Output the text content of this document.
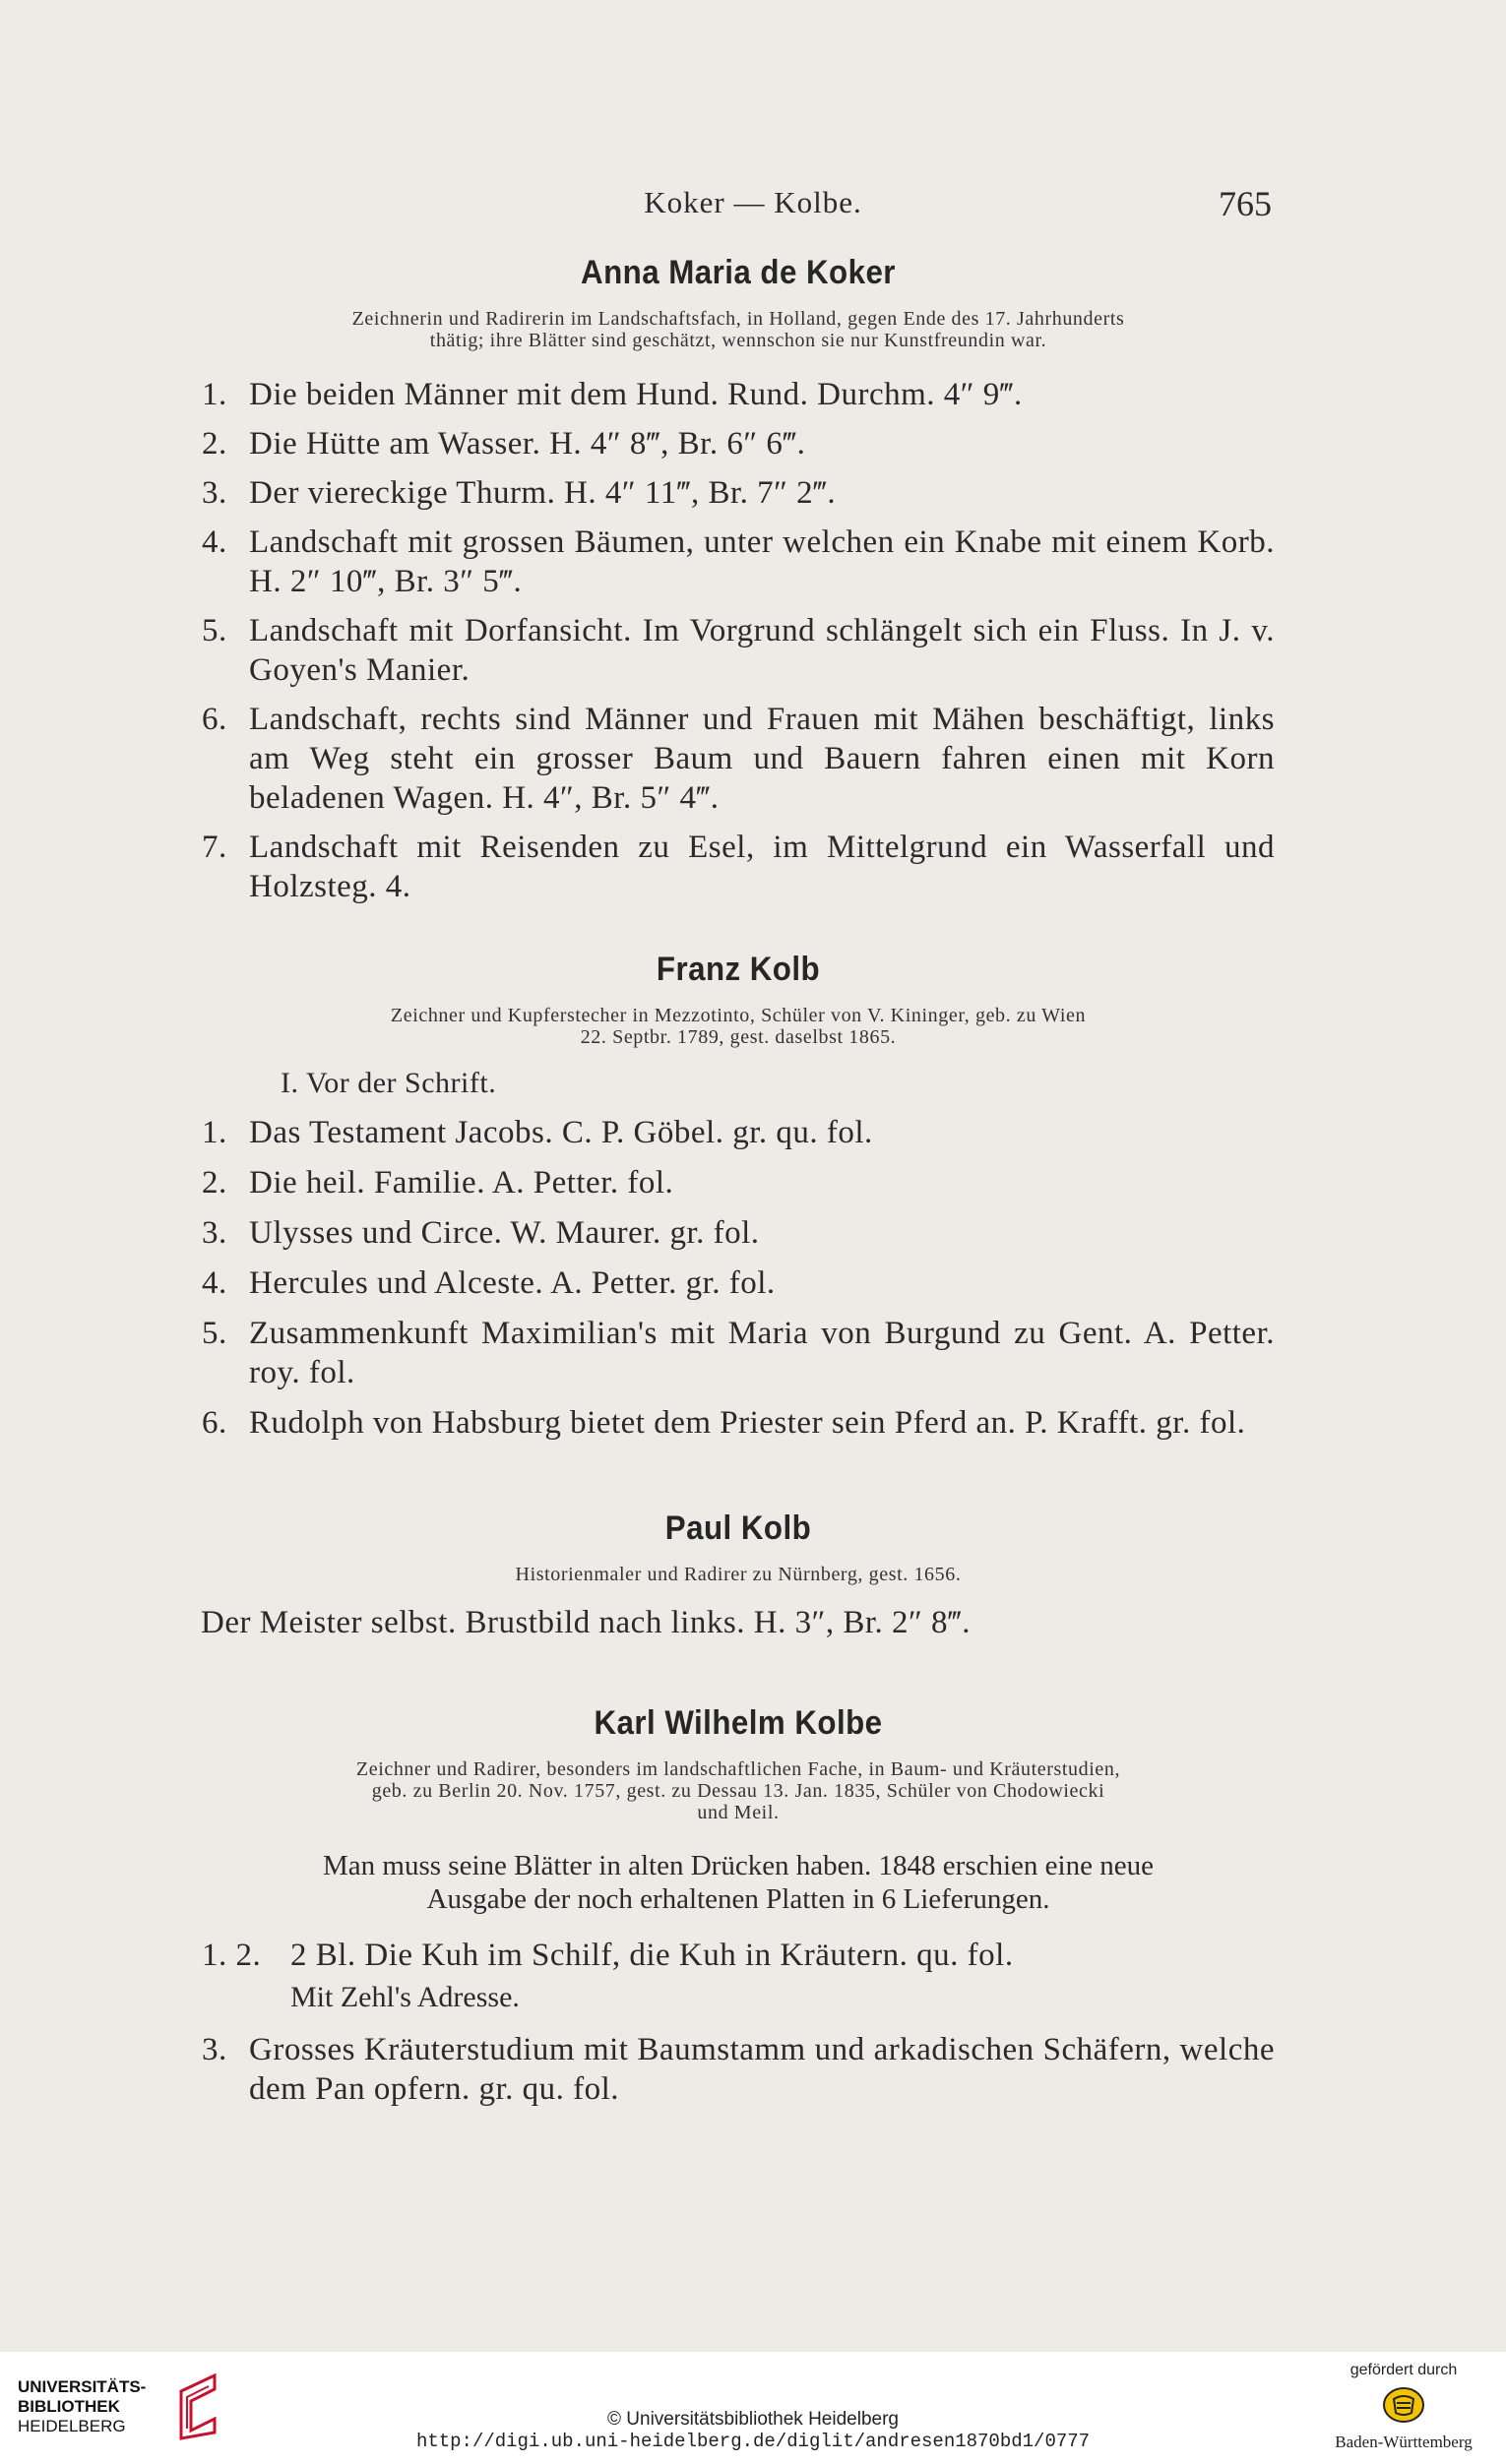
Koker — Kolbe.	765
Anna Maria de Koker
Zeichnerin und Radirerin im Landschaftsfach, in Holland, gegen Ende des 17. Jahrhunderts
thätig; ihre Blätter sind geschätzt, wennschon sie nur Kunstfreundin war.
1. Die beiden Männer mit dem Hund. Rund. Durchm. 4″ 9‴.
2. Die Hütte am Wasser. H. 4″ 8‴, Br. 6″ 6‴.
3. Der viereckige Thurm. H. 4″ 11‴, Br. 7″ 2‴.
4. Landschaft mit grossen Bäumen, unter welchen ein Knabe mit einem Korb. H. 2″ 10‴, Br. 3″ 5‴.
5. Landschaft mit Dorfansicht. Im Vorgrund schlängelt sich ein Fluss. In J. v. Goyen's Manier.
6. Landschaft, rechts sind Männer und Frauen mit Mähen beschäftigt, links am Weg steht ein grosser Baum und Bauern fahren einen mit Korn beladenen Wagen. H. 4″, Br. 5″ 4‴.
7. Landschaft mit Reisenden zu Esel, im Mittelgrund ein Wasserfall und Holzsteg. 4.
Franz Kolb
Zeichner und Kupferstecher in Mezzotinto, Schüler von V. Kininger, geb. zu Wien
22. Septbr. 1789, gest. daselbst 1865.
I. Vor der Schrift.
1. Das Testament Jacobs. C. P. Göbel. gr. qu. fol.
2. Die heil. Familie. A. Petter. fol.
3. Ulysses und Circe. W. Maurer. gr. fol.
4. Hercules und Alceste. A. Petter. gr. fol.
5. Zusammenkunft Maximilian's mit Maria von Burgund zu Gent. A. Petter. roy. fol.
6. Rudolph von Habsburg bietet dem Priester sein Pferd an. P. Krafft. gr. fol.
Paul Kolb
Historienmaler und Radirer zu Nürnberg, gest. 1656.
Der Meister selbst. Brustbild nach links. H. 3″, Br. 2″ 8‴.
Karl Wilhelm Kolbe
Zeichner und Radirer, besonders im landschaftlichen Fache, in Baum- und Kräuterstudien,
geb. zu Berlin 20. Nov. 1757, gest. zu Dessau 13. Jan. 1835, Schüler von Chodowiecki
und Meil.
Man muss seine Blätter in alten Drücken haben. 1848 erschien eine neue
Ausgabe der noch erhaltenen Platten in 6 Lieferungen.
1. 2. 2 Bl. Die Kuh im Schilf, die Kuh in Kräutern. qu. fol.
Mit Zehl's Adresse.
3. Grosses Kräuterstudium mit Baumstamm und arkadischen Schäfern, welche dem Pan opfern. gr. qu. fol.
UNIVERSITÄTS-
BIBLIOTHEK
HEIDELBERG	© Universitätsbibliothek Heidelberg
http://digi.ub.uni-heidelberg.de/diglit/andresen1870bd1/0777
gefördert durch
Baden-Württemberg
